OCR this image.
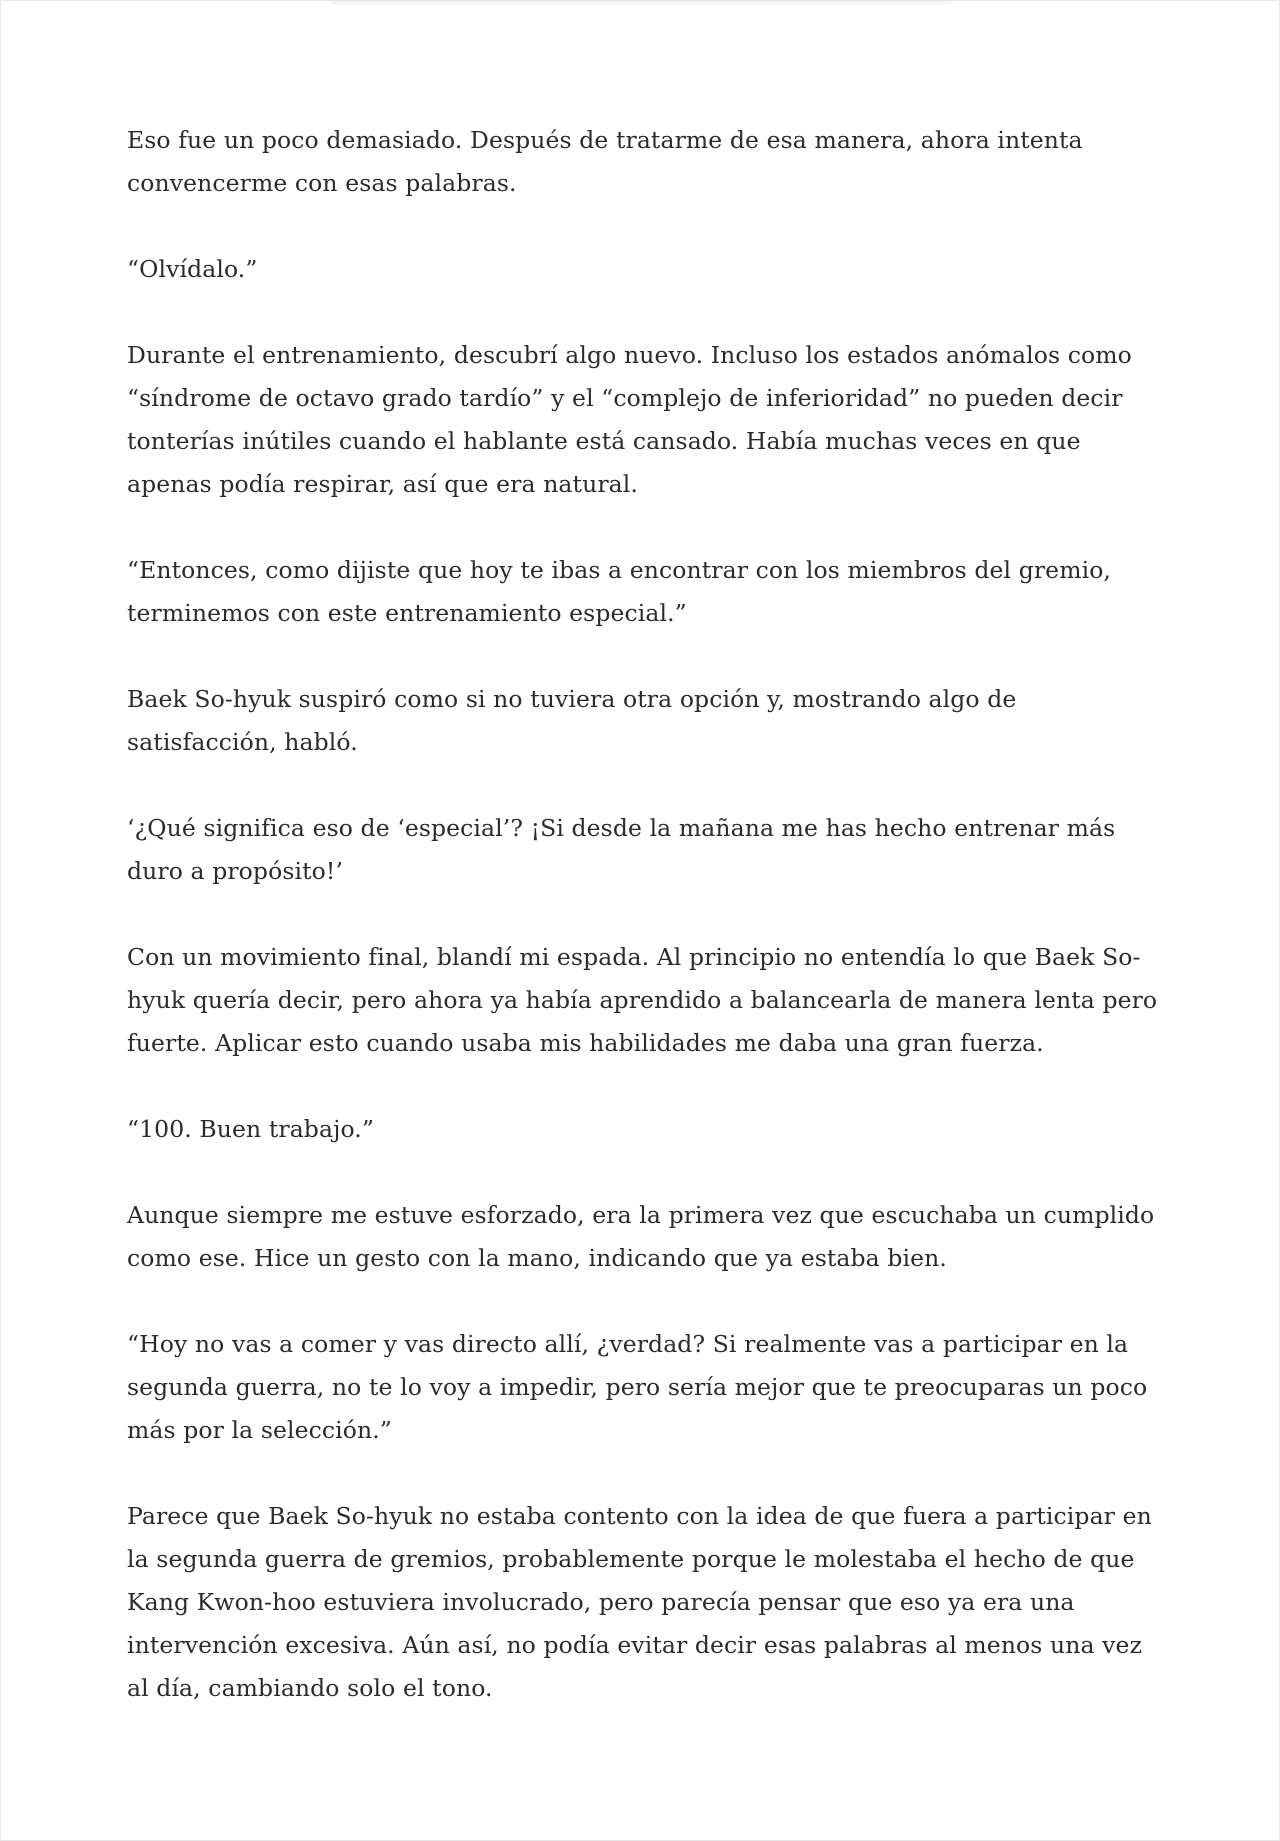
Eso fue un poco demasiado. Después de tratarme de esa manera, ahora intenta convencerme con esas palabras.

“Olvídalo.”

Durante el entrenamiento, descubrí algo nuevo. Incluso los estados anómalos como “síndrome de octavo grado tardío” y el “complejo de inferioridad” no pueden decir tonterías inútiles cuando el hablante está cansado. Había muchas veces en que apenas podía respirar, así que era natural.

“Entonces, como dijiste que hoy te ibas a encontrar con los miembros del gremio, terminemos con este entrenamiento especial.”

Baek So-hyuk suspiró como si no tuviera otra opción y, mostrando algo de satisfacción, habló.

‘¿Qué significa eso de ‘especial’? ¡Si desde la mañana me has hecho entrenar más duro a propósito!’

Con un movimiento final, blandí mi espada. Al principio no entendía lo que Baek So-hyuk quería decir, pero ahora ya había aprendido a balancearla de manera lenta pero fuerte. Aplicar esto cuando usaba mis habilidades me daba una gran fuerza.

“100. Buen trabajo.”

Aunque siempre me estuve esforzado, era la primera vez que escuchaba un cumplido como ese. Hice un gesto con la mano, indicando que ya estaba bien.

“Hoy no vas a comer y vas directo allí, ¿verdad? Si realmente vas a participar en la segunda guerra, no te lo voy a impedir, pero sería mejor que te preocuparas un poco más por la selección.”

Parece que Baek So-hyuk no estaba contento con la idea de que fuera a participar en la segunda guerra de gremios, probablemente porque le molestaba el hecho de que Kang Kwon-hoo estuviera involucrado, pero parecía pensar que eso ya era una intervención excesiva. Aún así, no podía evitar decir esas palabras al menos una vez al día, cambiando solo el tono.
